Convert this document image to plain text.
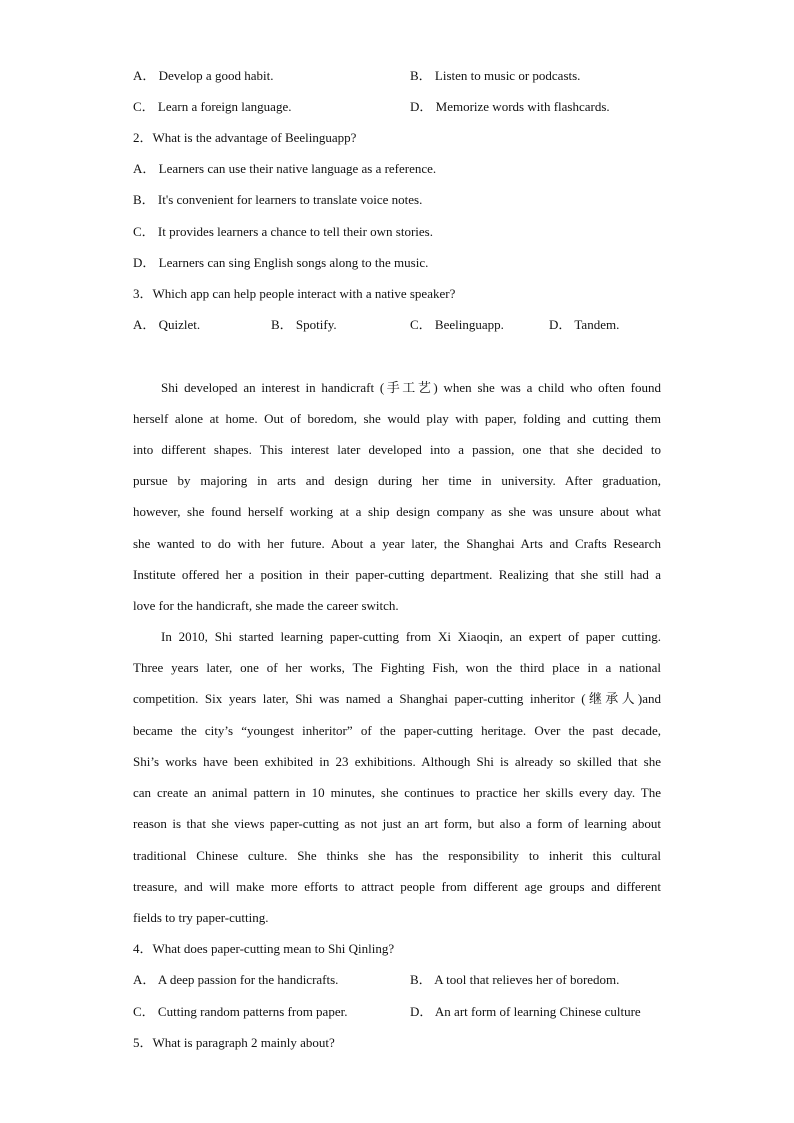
A． Develop a good habit.	B． Listen to music or podcasts.
C． Learn a foreign language.	D． Memorize words with flashcards.
2．What is the advantage of Beelinguapp?
A． Learners can use their native language as a reference.
B． It's convenient for learners to translate voice notes.
C． It provides learners a chance to tell their own stories.
D． Learners can sing English songs along to the music.
3．Which app can help people interact with a native speaker?
A． Quizlet.	B． Spotify.	C． Beelinguapp.	D． Tandem.
Shi developed an interest in handicraft (手工艺) when she was a child who often found
herself alone at home. Out of boredom, she would play with paper, folding and cutting them
into different shapes. This interest later developed into a passion, one that she decided to
pursue by majoring in arts and design during her time in university. After graduation,
however, she found herself working at a ship design company as she was unsure about what
she wanted to do with her future. About a year later, the Shanghai Arts and Crafts Research
Institute offered her a position in their paper-cutting department. Realizing that she still had a
love for the handicraft, she made the career switch.
In 2010, Shi started learning paper-cutting from Xi Xiaoqin, an expert of paper cutting.
Three years later, one of her works, The Fighting Fish, won the third place in a national
competition. Six years later, Shi was named a Shanghai paper-cutting inheritor (继承人)and
became the city’s “youngest inheritor” of the paper-cutting heritage. Over the past decade,
Shi’s works have been exhibited in 23 exhibitions. Although Shi is already so skilled that she
can create an animal pattern in 10 minutes, she continues to practice her skills every day. The
reason is that she views paper-cutting as not just an art form, but also a form of learning about
traditional Chinese culture. She thinks she has the responsibility to inherit this cultural
treasure, and will make more efforts to attract people from different age groups and different
fields to try paper-cutting.
4．What does paper-cutting mean to Shi Qinling?
A． A deep passion for the handicrafts.	B． A tool that relieves her of boredom.
C． Cutting random patterns from paper.	D． An art form of learning Chinese culture
5．What is paragraph 2 mainly about?
